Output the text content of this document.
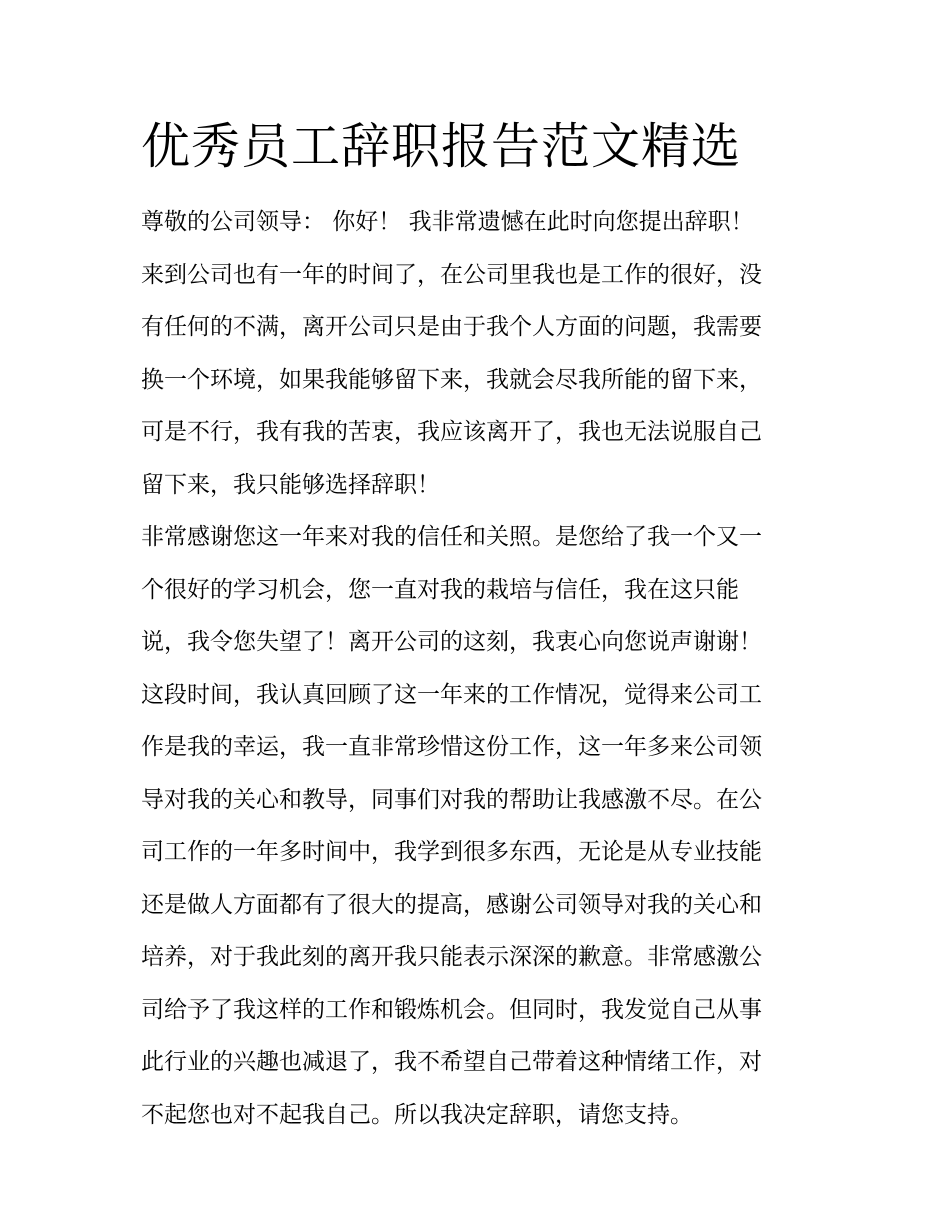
优秀员工辞职报告范文精选
尊敬的公司领导： 你好！ 我非常遗憾在此时向您提出辞职！
来到公司也有一年的时间了，在公司里我也是工作的很好，没
有任何的不满，离开公司只是由于我个人方面的问题，我需要
换一个环境，如果我能够留下来，我就会尽我所能的留下来，
可是不行，我有我的苦衷，我应该离开了，我也无法说服自己
留下来，我只能够选择辞职！
非常感谢您这一年来对我的信任和关照。是您给了我一个又一
个很好的学习机会，您一直对我的栽培与信任，我在这只能
说，我令您失望了！离开公司的这刻，我衷心向您说声谢谢！
这段时间，我认真回顾了这一年来的工作情况，觉得来公司工
作是我的幸运，我一直非常珍惜这份工作，这一年多来公司领
导对我的关心和教导，同事们对我的帮助让我感激不尽。在公
司工作的一年多时间中，我学到很多东西，无论是从专业技能
还是做人方面都有了很大的提高，感谢公司领导对我的关心和
培养，对于我此刻的离开我只能表示深深的歉意。非常感激公
司给予了我这样的工作和锻炼机会。但同时，我发觉自己从事
此行业的兴趣也减退了，我不希望自己带着这种情绪工作，对
不起您也对不起我自己。所以我决定辞职，请您支持。
